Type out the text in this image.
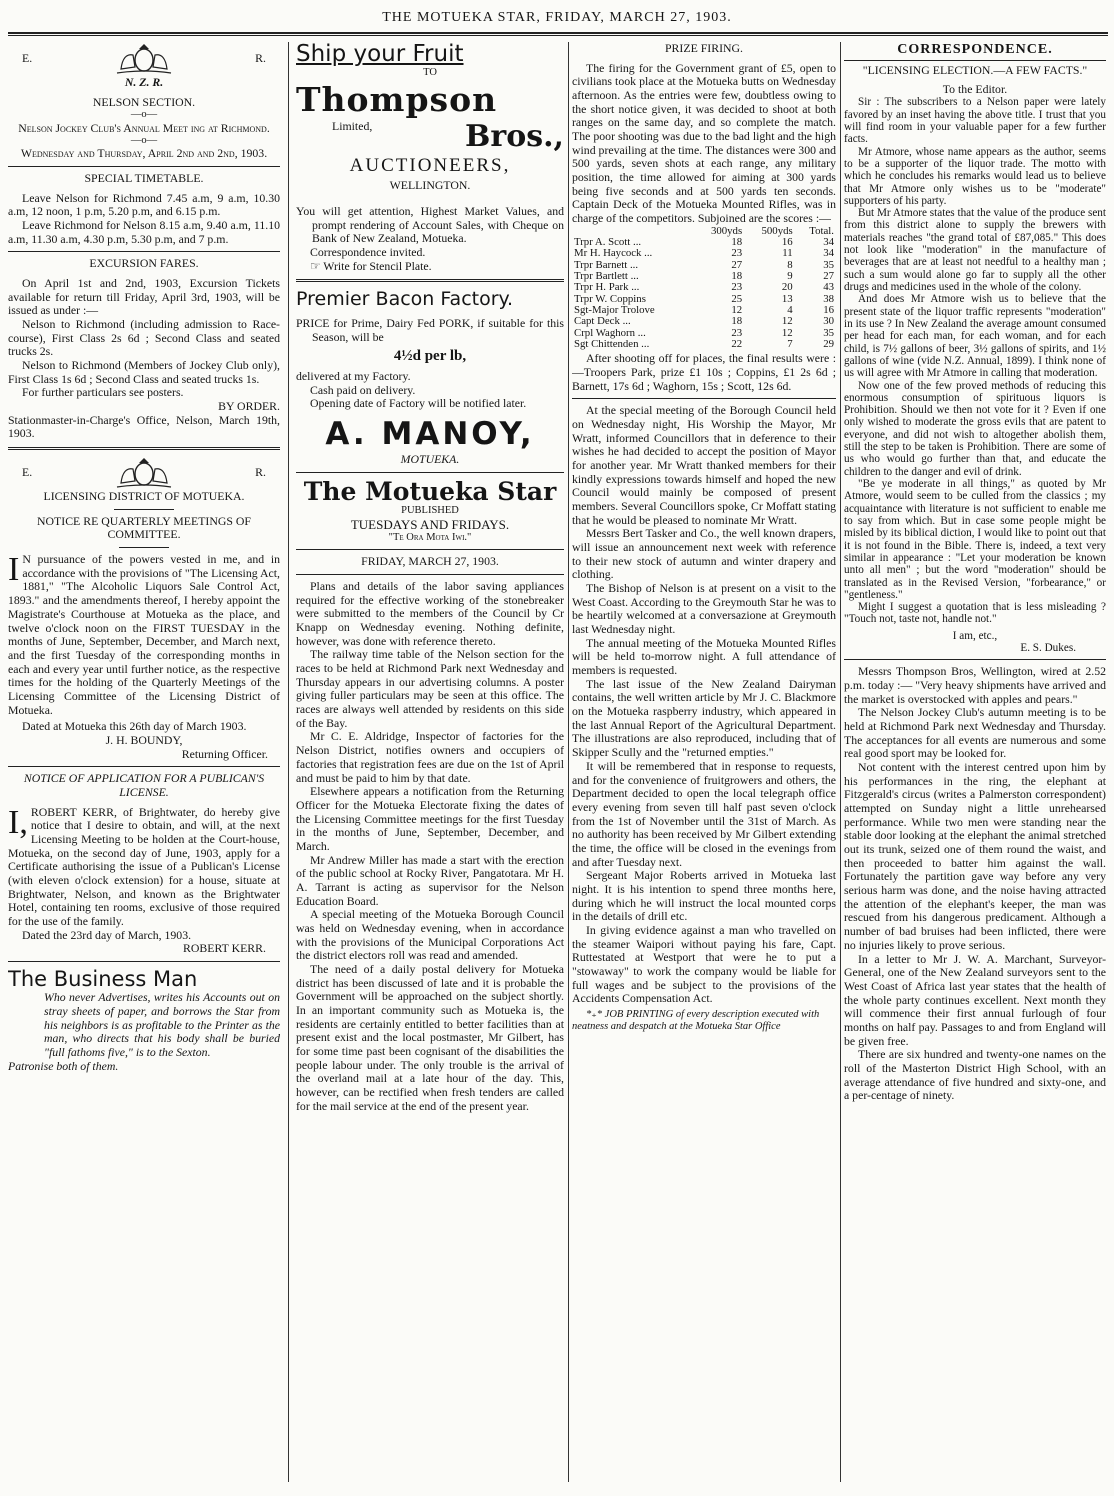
THE MOTUEKA STAR, FRIDAY, MARCH 27, 1903.
E.	R.

N. Z. R.

NELSON SECTION.

—o—

Nelson Jockey Club's Annual Meet ing at Richmond.

—o—

Wednesday and Thursday, April 2nd and 2nd, 1903.

SPECIAL TIMETABLE.

Leave Nelson for Richmond 7.45 a.m, 9 a.m, 10.30 a.m, 12 noon, 1 p.m, 5.20 p.m, and 6.15 p.m.

Leave Richmond for Nelson 8.15 a.m, 9.40 a.m, 11.10 a.m, 11.30 a.m, 4.30 p.m, 5.30 p.m, and 7 p.m.

EXCURSION FARES.

On April 1st and 2nd, 1903, Excursion Tickets available for return till Friday, April 3rd, 1903, will be issued as under :—

Nelson to Richmond (including admission to Race-course), First Class 2s 6d ; Second Class and seated trucks 2s.

Nelson to Richmond (Members of Jockey Club only), First Class 1s 6d ; Second Class and seated trucks 1s.

For further particulars see posters.

BY ORDER.

Stationmaster-in-Charge's Office, Nelson, March 19th, 1903.

E.	R.

LICENSING DISTRICT OF MOTUEKA.

NOTICE RE QUARTERLY MEETINGS OF COMMITTEE.

I N pursuance of the powers vested in me, and in accordance with the provisions of "The Licensing Act, 1881," "The Alcoholic Liquors Sale Control Act, 1893." and the amendments thereof, I hereby appoint the Magistrate's Courthouse at Motueka as the place, and twelve o'clock noon on the FIRST TUESDAY in the months of June, September, December, and March next, and the first Tuesday of the corresponding months in each and every year until further notice, as the respective times for the holding of the Quarterly Meetings of the Licensing Committee of the Licensing District of Motueka.

Dated at Motueka this 26th day of March 1903.

J. H. BOUNDY,

Returning Officer.

NOTICE OF APPLICATION FOR A PUBLICAN'S LICENSE.

I, ROBERT KERR, of Brightwater, do hereby give notice that I desire to obtain, and will, at the next Licensing Meeting to be holden at the Court-house, Motueka, on the second day of June, 1903, apply for a Certificate authorising the issue of a Publican's License (with eleven o'clock extension) for a house, situate at Brightwater, Nelson, and known as the Brightwater Hotel, containing ten rooms, exclusive of those required for the use of the family.

Dated the 23rd day of March, 1903.

ROBERT KERR.

The Business Man

Who never Advertises, writes his Accounts out on stray sheets of paper, and borrows the Star from his neighbors is as profitable to the Printer as the man, who directs that his body shall be buried "full fathoms five," is to the Sexton.

Patronise both of them.

Ship your Fruit

TO

Thompson

Limited,	Bros.,

AUCTIONEERS,

WELLINGTON.

You will get attention, Highest Market Values, and prompt rendering of Account Sales, with Cheque on Bank of New Zealand, Motueka.

Correspondence invited.

☞ Write for Stencil Plate.

Premier Bacon Factory.

PRICE for Prime, Dairy Fed PORK, if suitable for this Season, will be

4½d per lb,

delivered at my Factory.

Cash paid on delivery.

Opening date of Factory will be notified later.

A. MANOY,

MOTUEKA.

The Motueka Star

PUBLISHED

TUESDAYS AND FRIDAYS.

"Te Ora Mota Iwi."

FRIDAY, MARCH 27, 1903.

Plans and details of the labor saving appliances required for the effective working of the stonebreaker were submitted to the members of the Council by Cr Knapp on Wednesday evening. Nothing definite, however, was done with reference thereto.

The railway time table of the Nelson section for the races to be held at Richmond Park next Wednesday and Thursday appears in our advertising columns. A poster giving fuller particulars may be seen at this office. The races are always well attended by residents on this side of the Bay.

Mr C. E. Aldridge, Inspector of factories for the Nelson District, notifies owners and occupiers of factories that registration fees are due on the 1st of April and must be paid to him by that date.

Elsewhere appears a notification from the Returning Officer for the Motueka Electorate fixing the dates of the Licensing Committee meetings for the first Tuesday in the months of June, September, December, and March.

Mr Andrew Miller has made a start with the erection of the public school at Rocky River, Pangatotara. Mr H. A. Tarrant is acting as supervisor for the Nelson Education Board.

A special meeting of the Motueka Borough Council was held on Wednesday evening, when in accordance with the provisions of the Municipal Corporations Act the district electors roll was read and amended.

The need of a daily postal delivery for Motueka district has been discussed of late and it is probable the Government will be approached on the subject shortly. In an important community such as Motueka is, the residents are certainly entitled to better facilities than at present exist and the local postmaster, Mr Gilbert, has for some time past been cognisant of the disabilities the people labour under. The only trouble is the arrival of the overland mail at a late hour of the day. This, however, can be rectified when fresh tenders are called for the mail service at the end of the present year.

PRIZE FIRING.

The firing for the Government grant of £5, open to civilians took place at the Motueka butts on Wednesday afternoon. As the entries were few, doubtless owing to the short notice given, it was decided to shoot at both ranges on the same day, and so complete the match. The poor shooting was due to the bad light and the high wind prevailing at the time. The distances were 300 and 500 yards, seven shots at each range, any military position, the time allowed for aiming at 300 yards being five seconds and at 500 yards ten seconds. Captain Deck of the Motueka Mounted Rifles, was in charge of the competitors. Subjoined are the scores :—

	300yds	500yds	Total.
Trpr A. Scott ...	18	16	34
Mr H. Haycock ...	23	11	34
Trpr Barnett ...	27	8	35
Trpr Bartlett ...	18	9	27
Trpr H. Park ...	23	20	43
Trpr W. Coppins	25	13	38
Sgt-Major Trolove	12	4	16
Capt Deck ...	18	12	30
Crpl Waghorn ...	23	12	35
Sgt Chittenden ...	22	7	29

After shooting off for places, the final results were :—Troopers Park, prize £1 10s ; Coppins, £1 2s 6d ; Barnett, 17s 6d ; Waghorn, 15s ; Scott, 12s 6d.

At the special meeting of the Borough Council held on Wednesday night, His Worship the Mayor, Mr Wratt, informed Councillors that in deference to their wishes he had decided to accept the position of Mayor for another year. Mr Wratt thanked members for their kindly expressions towards himself and hoped the new Council would mainly be composed of present members. Several Councillors spoke, Cr Moffatt stating that he would be pleased to nominate Mr Wratt.

Messrs Bert Tasker and Co., the well known drapers, will issue an announcement next week with reference to their new stock of autumn and winter drapery and clothing.

The Bishop of Nelson is at present on a visit to the West Coast. According to the Greymouth Star he was to be heartily welcomed at a conversazione at Greymouth last Wednesday night.

The annual meeting of the Motueka Mounted Rifles will be held to-morrow night. A full attendance of members is requested.

The last issue of the New Zealand Dairyman contains, the well written article by Mr J. C. Blackmore on the Motueka raspberry industry, which appeared in the last Annual Report of the Agricultural Department. The illustrations are also reproduced, including that of Skipper Scully and the "returned empties."

It will be remembered that in response to requests, and for the convenience of fruitgrowers and others, the Department decided to open the local telegraph office every evening from seven till half past seven o'clock from the 1st of November until the 31st of March. As no authority has been received by Mr Gilbert extending the time, the office will be closed in the evenings from and after Tuesday next.

Sergeant Major Roberts arrived in Motueka last night. It is his intention to spend three months here, during which he will instruct the local mounted corps in the details of drill etc.

In giving evidence against a man who travelled on the steamer Waipori without paying his fare, Capt. Ruttestated at Westport that were he to put a "stowaway" to work the company would be liable for full wages and be subject to the provisions of the Accidents Compensation Act.

*₊* JOB PRINTING of every description executed with neatness and despatch at the Motueka Star Office

CORRESPONDENCE.

"LICENSING ELECTION.—A FEW FACTS."

To the Editor.

Sir : The subscribers to a Nelson paper were lately favored by an inset having the above title. I trust that you will find room in your valuable paper for a few further facts.

Mr Atmore, whose name appears as the author, seems to be a supporter of the liquor trade. The motto with which he concludes his remarks would lead us to believe that Mr Atmore only wishes us to be "moderate" supporters of his party.

But Mr Atmore states that the value of the produce sent from this district alone to supply the brewers with materials reaches "the grand total of £87,085." This does not look like "moderation" in the manufacture of beverages that are at least not needful to a healthy man ; such a sum would alone go far to supply all the other drugs and medicines used in the whole of the colony.

And does Mr Atmore wish us to believe that the present state of the liquor traffic represents "moderation" in its use ? In New Zealand the average amount consumed per head for each man, for each woman, and for each child, is 7½ gallons of beer, 3½ gallons of spirits, and 1½ gallons of wine (vide N.Z. Annual, 1899). I think none of us will agree with Mr Atmore in calling that moderation.

Now one of the few proved methods of reducing this enormous consumption of spirituous liquors is Prohibition. Should we then not vote for it ? Even if one only wished to moderate the gross evils that are patent to everyone, and did not wish to altogether abolish them, still the step to be taken is Prohibition. There are some of us who would go further than that, and educate the children to the danger and evil of drink.

"Be ye moderate in all things," as quoted by Mr Atmore, would seem to be culled from the classics ; my acquaintance with literature is not sufficient to enable me to say from which. But in case some people might be misled by its biblical diction, I would like to point out that it is not found in the Bible. There is, indeed, a text very similar in appearance : "Let your moderation be known unto all men" ; but the word "moderation" should be translated as in the Revised Version, "forbearance," or "gentleness."

Might I suggest a quotation that is less misleading ? "Touch not, taste not, handle not."

I am, etc.,

E. S. Dukes.

Messrs Thompson Bros, Wellington, wired at 2.52 p.m. today :— "Very heavy shipments have arrived and the market is overstocked with apples and pears."

The Nelson Jockey Club's autumn meeting is to be held at Richmond Park next Wednesday and Thursday. The acceptances for all events are numerous and some real good sport may be looked for.

Not content with the interest centred upon him by his performances in the ring, the elephant at Fitzgerald's circus (writes a Palmerston correspondent) attempted on Sunday night a little unrehearsed performance. While two men were standing near the stable door looking at the elephant the animal stretched out its trunk, seized one of them round the waist, and then proceeded to batter him against the wall. Fortunately the partition gave way before any very serious harm was done, and the noise having attracted the attention of the elephant's keeper, the man was rescued from his dangerous predicament. Although a number of bad bruises had been inflicted, there were no injuries likely to prove serious.

In a letter to Mr J. W. A. Marchant, Surveyor-General, one of the New Zealand surveyors sent to the West Coast of Africa last year states that the health of the whole party continues excellent. Next month they will commence their first annual furlough of four months on half pay. Passages to and from England will be given free.

There are six hundred and twenty-one names on the roll of the Masterton District High School, with an average attendance of five hundred and sixty-one, and a per-centage of ninety.
